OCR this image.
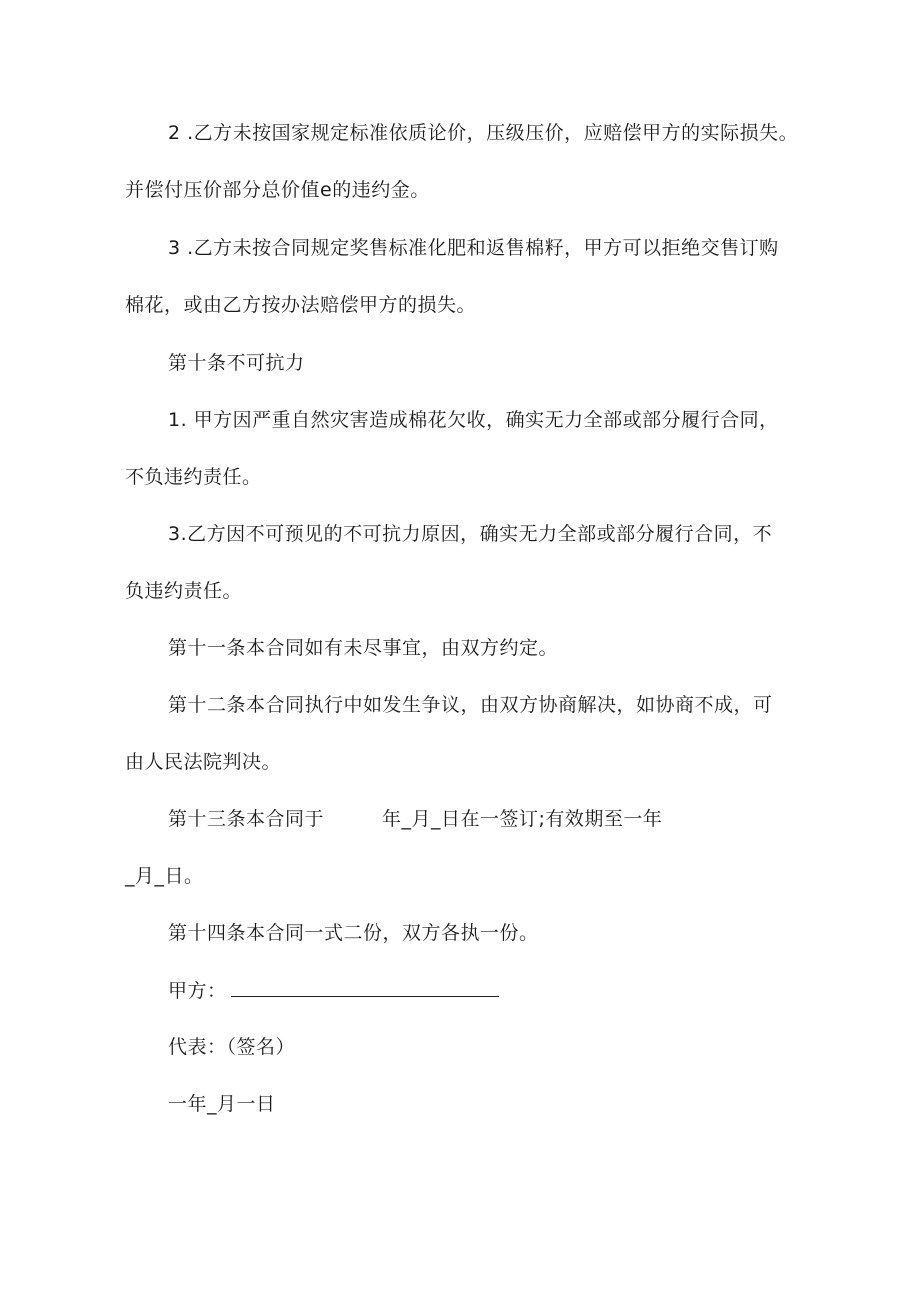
2 .乙方未按国家规定标准依质论价，压级压价，应赔偿甲方的实际损失。
并偿付压价部分总价值e的违约金。
3 .乙方未按合同规定奖售标准化肥和返售棉籽，甲方可以拒绝交售订购
棉花，或由乙方按办法赔偿甲方的损失。
第十条不可抗力
1. 甲方因严重自然灾害造成棉花欠收，确实无力全部或部分履行合同，
不负违约责任。
3.乙方因不可预见的不可抗力原因，确实无力全部或部分履行合同，不
负违约责任。
第十一条本合同如有未尽事宜，由双方约定。
第十二条本合同执行中如发生争议，由双方协商解决，如协商不成，可
由人民法院判决。
第十三条本合同于	年_月_日在一签订;有效期至一年
_月_日。
第十四条本合同一式二份，双方各执一份。
甲方：
代表：（签名）
一年_月一日
